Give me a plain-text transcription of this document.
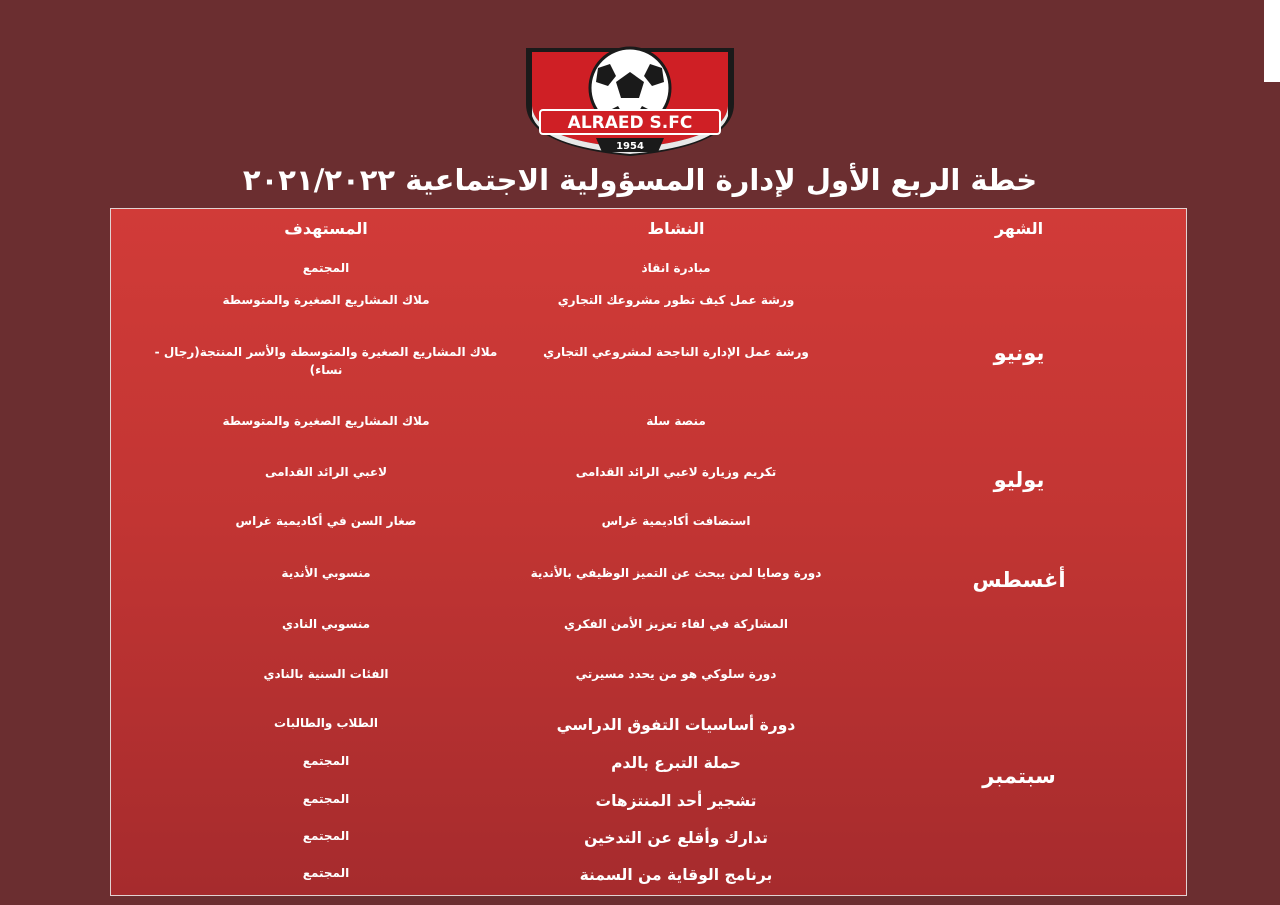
ALRAED S.FC
1954
خطة الربع الأول لإدارة المسؤولية الاجتماعية ٢٠٢١/٢٠٢٢
المستهدف	النشاط	الشهر
يونيو
يوليو
أغسطس
سبتمبر
مبادرة انقاذ
المجتمع
ورشة عمل كيف تطور مشروعك التجاري
ملاك المشاريع الصغيرة والمتوسطة
ورشة عمل الإدارة الناجحة لمشروعي التجاري
ملاك المشاريع الصغيرة والمتوسطة والأسر المنتجة(رجال - نساء)
منصة سلة
ملاك المشاريع الصغيرة والمتوسطة
تكريم وزيارة لاعبي الرائد القدامى
لاعبي الرائد القدامى
استضافت أكاديمية غراس
صغار السن في أكاديمية غراس
دورة وصايا لمن يبحث عن التميز الوظيفي بالأندية
منسوبي الأندية
المشاركة في لقاء تعزيز الأمن الفكري
منسوبي النادي
دورة سلوكي هو من يحدد مسيرتي
الفئات السنية بالنادي
دورة أساسيات التفوق الدراسي
الطلاب والطالبات
حملة التبرع بالدم
المجتمع
تشجير أحد المنتزهات
المجتمع
تدارك وأقلع عن التدخين
المجتمع
برنامج الوقاية من السمنة
المجتمع
